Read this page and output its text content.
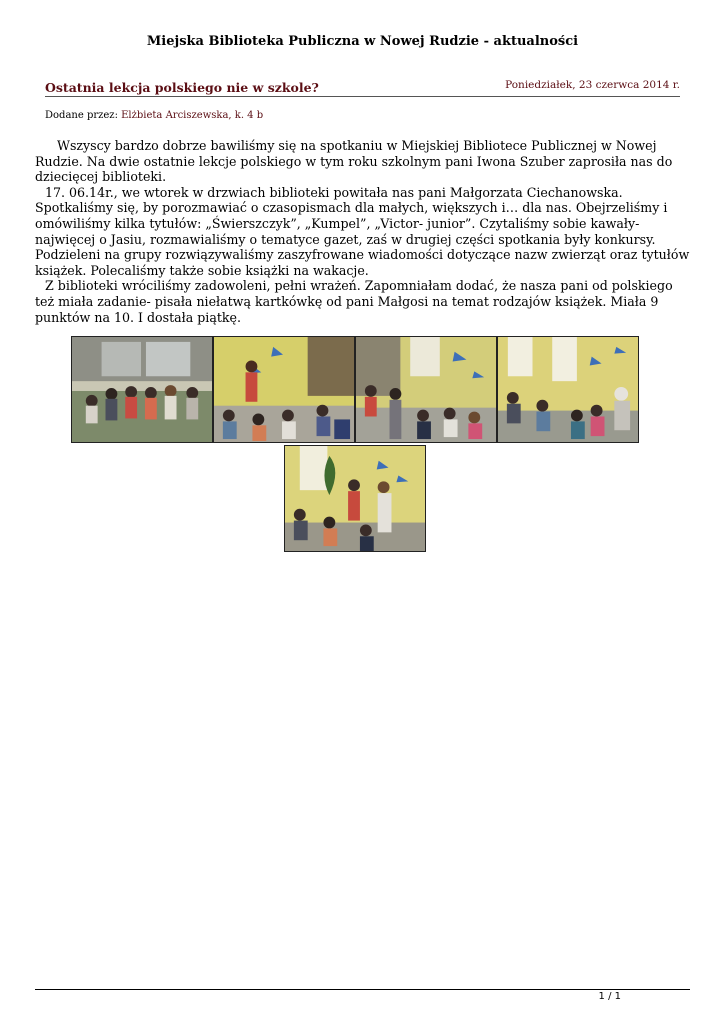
Miejska Biblioteka Publiczna w Nowej Rudzie - aktualności
Ostatnia lekcja polskiego nie w szkole?	Poniedziałek, 23 czerwca 2014 r.
Dodane przez: Elżbieta Arciszewska, k. 4 b

Wszyscy bardzo dobrze bawiliśmy się na spotkaniu w Miejskiej Bibliotece Publicznej w Nowej Rudzie. Na dwie ostatnie lekcje polskiego w tym roku szkolnym pani Iwona Szuber zaprosiła nas do dziecięcej biblioteki.

17. 06.14r., we wtorek w drzwiach biblioteki powitała nas pani Małgorzata Ciechanowska. Spotkaliśmy się, by porozmawiać o czasopismach dla małych, większych i… dla nas. Obejrzeliśmy i omówiliśmy kilka tytułów: „Świerszczyk”, „Kumpel”, „Victor- junior”. Czytaliśmy sobie kawały- najwięcej o Jasiu, rozmawialiśmy o tematyce gazet, zaś w drugiej części spotkania były konkursy. Podzieleni na grupy rozwiązywaliśmy zaszyfrowane wiadomości dotyczące nazw zwierząt oraz tytułów książek. Polecaliśmy także sobie książki na wakacje.

Z biblioteki wróciliśmy zadowoleni, pełni wrażeń. Zapomniałam dodać, że nasza pani od polskiego też miała zadanie- pisała niełatwą kartkówkę od pani Małgosi na temat rodzajów książek. Miała 9 punktów na 10. I dostała piątkę.

1 / 1
